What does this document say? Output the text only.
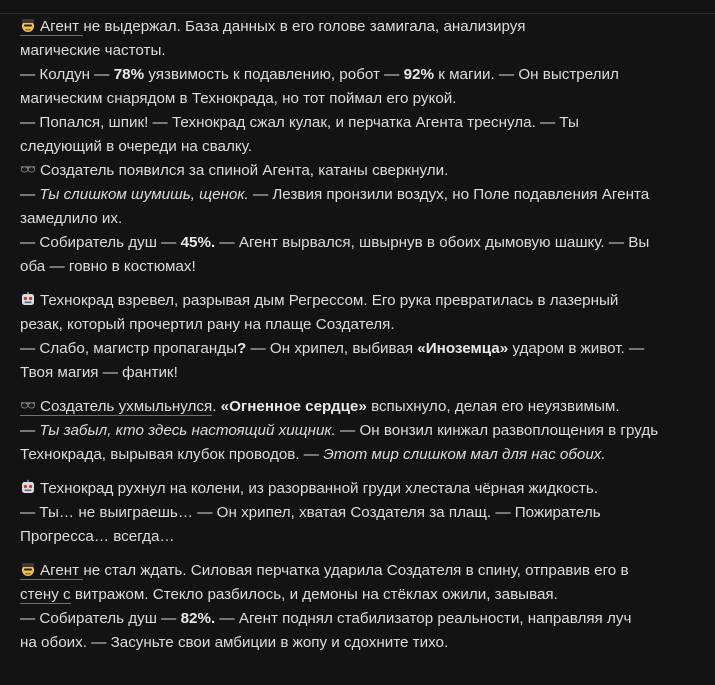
Агент не выдержал. База данных в его голове замигала, анализируя
магические частоты.
— Колдун — 78% уязвимость к подавлению, робот — 92% к магии. — Он выстрелил
магическим снарядом в Технокрада, но тот поймал его рукой.
— Попался, шпик! — Технокрад сжал кулак, и перчатка Агента треснула. — Ты
следующий в очереди на свалку.
Создатель появился за спиной Агента, катаны сверкнули.
— Ты слишком шумишь, щенок. — Лезвия пронзили воздух, но Поле подавления Агента
замедлило их.
— Собиратель душ — 45%. — Агент вырвался, швырнув в обоих дымовую шашку. — Вы
оба — говно в костюмах!
Технокрад взревел, разрывая дым Регрессом. Его рука превратилась в лазерный
резак, который прочертил рану на плаще Создателя.
— Слабо, магистр пропаганды? — Он хрипел, выбивая «Иноземца» ударом в живот. —
Твоя магия — фантик!
Создатель ухмыльнулся. «Огненное сердце» вспыхнуло, делая его неуязвимым.
— Ты забыл, кто здесь настоящий хищник. — Он вонзил кинжал развоплощения в грудь
Технокрада, вырывая клубок проводов. — Этот мир слишком мал для нас обоих.
Технокрад рухнул на колени, из разорванной груди хлестала чёрная жидкость.
— Ты… не выиграешь… — Он хрипел, хватая Создателя за плащ. — Пожиратель
Прогресса… всегда…
Агент не стал ждать. Силовая перчатка ударила Создателя в спину, отправив его в
стену с витражом. Стекло разбилось, и демоны на стёклах ожили, завывая.
— Собиратель душ — 82%. — Агент поднял стабилизатор реальности, направляя луч
на обоих. — Засуньте свои амбиции в жопу и сдохните тихо.
